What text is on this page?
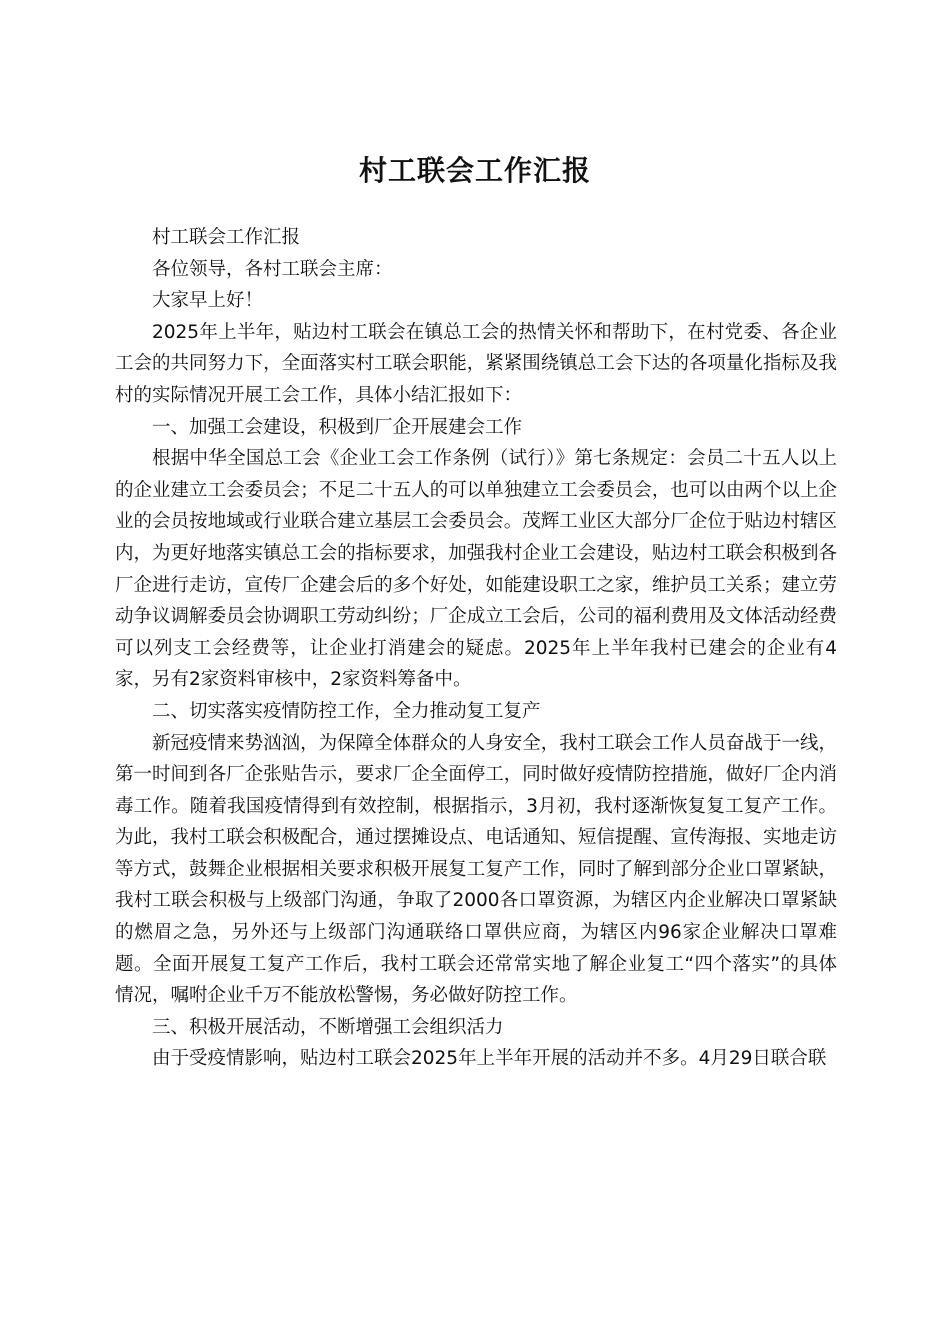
村工联会工作汇报

村工联会工作汇报

各位领导，各村工联会主席：

大家早上好！

2025年上半年，贴边村工联会在镇总工会的热情关怀和帮助下，在村党委、各企业工会的共同努力下，全面落实村工联会职能，紧紧围绕镇总工会下达的各项量化指标及我村的实际情况开展工会工作，具体小结汇报如下：

一、加强工会建设，积极到厂企开展建会工作

根据中华全国总工会《企业工会工作条例（试行）》第七条规定：会员二十五人以上的企业建立工会委员会；不足二十五人的可以单独建立工会委员会，也可以由两个以上企业的会员按地域或行业联合建立基层工会委员会。茂辉工业区大部分厂企位于贴边村辖区内，为更好地落实镇总工会的指标要求，加强我村企业工会建设，贴边村工联会积极到各厂企进行走访，宣传厂企建会后的多个好处，如能建设职工之家，维护员工关系；建立劳动争议调解委员会协调职工劳动纠纷；厂企成立工会后，公司的福利费用及文体活动经费可以列支工会经费等，让企业打消建会的疑虑。2025年上半年我村已建会的企业有4家，另有2家资料审核中，2家资料筹备中。

二、切实落实疫情防控工作，全力推动复工复产

新冠疫情来势汹汹，为保障全体群众的人身安全，我村工联会工作人员奋战于一线，第一时间到各厂企张贴告示，要求厂企全面停工，同时做好疫情防控措施，做好厂企内消毒工作。随着我国疫情得到有效控制，根据指示，3月初，我村逐渐恢复复工复产工作。为此，我村工联会积极配合，通过摆摊设点、电话通知、短信提醒、宣传海报、实地走访等方式，鼓舞企业根据相关要求积极开展复工复产工作，同时了解到部分企业口罩紧缺，我村工联会积极与上级部门沟通，争取了2000各口罩资源，为辖区内企业解决口罩紧缺的燃眉之急，另外还与上级部门沟通联络口罩供应商，为辖区内96家企业解决口罩难题。全面开展复工复产工作后，我村工联会还常常实地了解企业复工“四个落实”的具体情况，嘱咐企业千万不能放松警惕，务必做好防控工作。

三、积极开展活动，不断增强工会组织活力

由于受疫情影响，贴边村工联会2025年上半年开展的活动并不多。4月29日联合联
